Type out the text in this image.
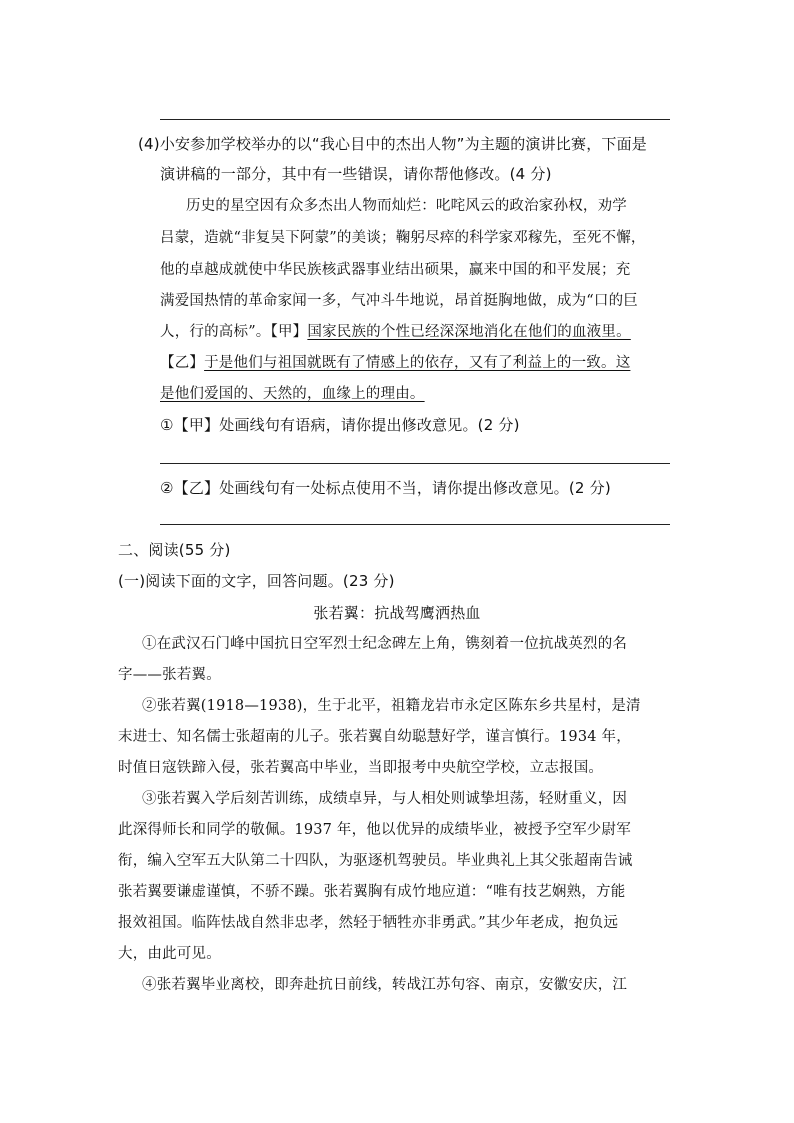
(4)小安参加学校举办的以“我心目中的杰出人物”为主题的演讲比赛，下面是
演讲稿的一部分，其中有一些错误，请你帮他修改。(4 分)
历史的星空因有众多杰出人物而灿烂：叱咤风云的政治家孙权，劝学
吕蒙，造就“非复吴下阿蒙”的美谈；鞠躬尽瘁的科学家邓稼先，至死不懈，
他的卓越成就使中华民族核武器事业结出硕果，赢来中国的和平发展；充
满爱国热情的革命家闻一多，气冲斗牛地说，昂首挺胸地做，成为“口的巨
人，行的高标”。【甲】国家民族的个性已经深深地消化在他们的血液里。
【乙】于是他们与祖国就既有了情感上的依存，又有了利益上的一致。这
是他们爱国的、天然的，血缘上的理由。
①【甲】处画线句有语病，请你提出修改意见。(2 分)
②【乙】处画线句有一处标点使用不当，请你提出修改意见。(2 分)
二、阅读(55 分)
(一)阅读下面的文字，回答问题。(23 分)
张若翼：抗战驾鹰洒热血
①在武汉石门峰中国抗日空军烈士纪念碑左上角，镌刻着一位抗战英烈的名
字——张若翼。
②张若翼(1918—1938)，生于北平，祖籍龙岩市永定区陈东乡共星村，是清
末进士、知名儒士张超南的儿子。张若翼自幼聪慧好学，谨言慎行。1934 年，
时值日寇铁蹄入侵，张若翼高中毕业，当即报考中央航空学校，立志报国。
③张若翼入学后刻苦训练，成绩卓异，与人相处则诚挚坦荡，轻财重义，因
此深得师长和同学的敬佩。1937 年，他以优异的成绩毕业，被授予空军少尉军
衔，编入空军五大队第二十四队，为驱逐机驾驶员。毕业典礼上其父张超南告诫
张若翼要谦虚谨慎，不骄不躁。张若翼胸有成竹地应道：“唯有技艺娴熟，方能
报效祖国。临阵怯战自然非忠孝，然轻于牺牲亦非勇武。”其少年老成，抱负远
大，由此可见。
④张若翼毕业离校，即奔赴抗日前线，转战江苏句容、南京，安徽安庆，江
